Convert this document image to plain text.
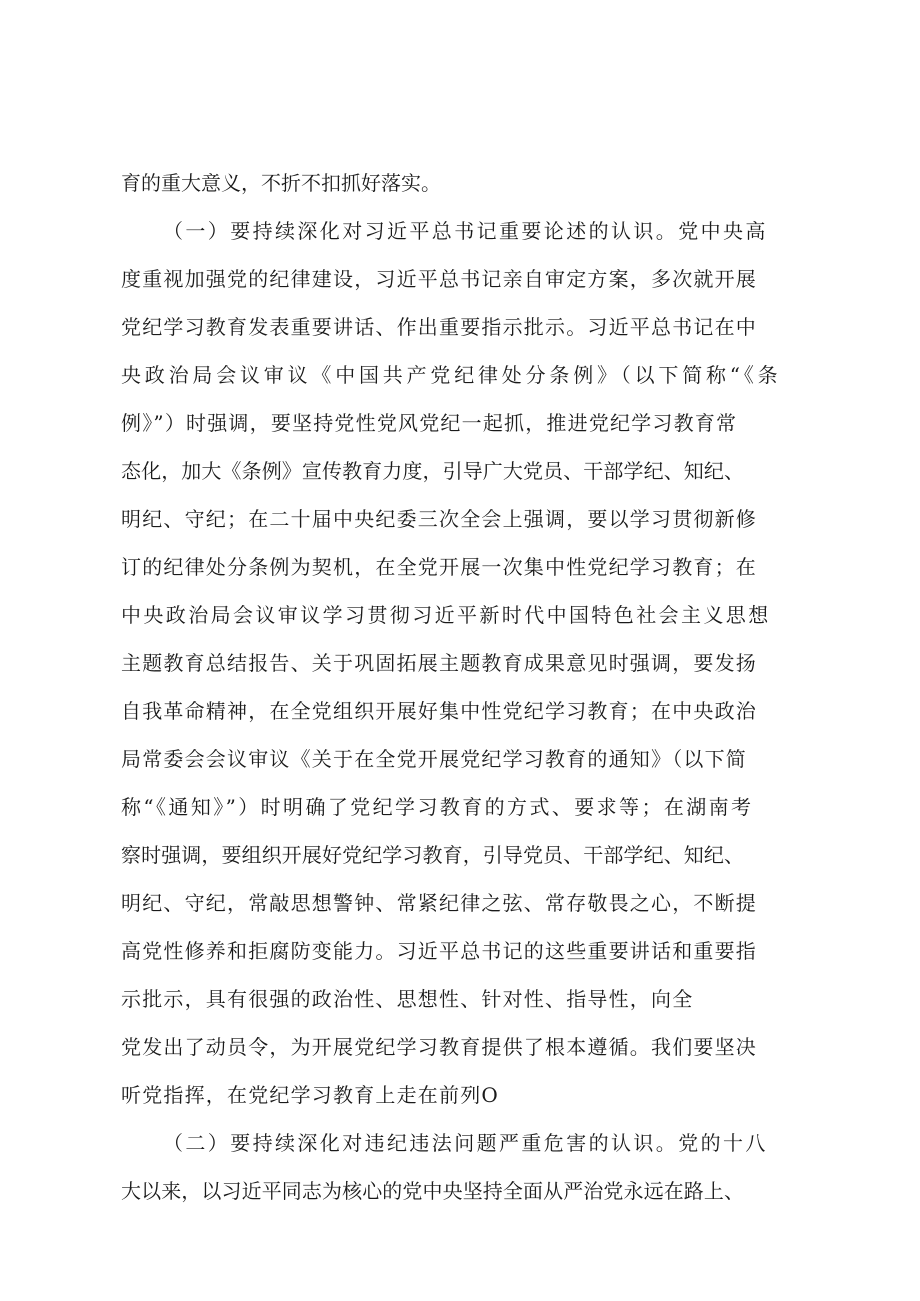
育的重大意义，不折不扣抓好落实。
（一）要持续深化对习近平总书记重要论述的认识。党中央高
度重视加强党的纪律建设，习近平总书记亲自审定方案，多次就开展
党纪学习教育发表重要讲话、作出重要指示批示。习近平总书记在中
央政治局会议审议《中国共产党纪律处分条例》（以下简称“《条
例》”）时强调，要坚持党性党风党纪一起抓，推进党纪学习教育常
态化，加大《条例》宣传教育力度，引导广大党员、干部学纪、知纪、
明纪、守纪；在二十届中央纪委三次全会上强调，要以学习贯彻新修
订的纪律处分条例为契机，在全党开展一次集中性党纪学习教育；在
中央政治局会议审议学习贯彻习近平新时代中国特色社会主义思想
主题教育总结报告、关于巩固拓展主题教育成果意见时强调，要发扬
自我革命精神，在全党组织开展好集中性党纪学习教育；在中央政治
局常委会会议审议《关于在全党开展党纪学习教育的通知》（以下简
称“《通知》”）时明确了党纪学习教育的方式、要求等；在湖南考
察时强调，要组织开展好党纪学习教育，引导党员、干部学纪、知纪、
明纪、守纪，常敲思想警钟、常紧纪律之弦、常存敬畏之心，不断提
高党性修养和拒腐防变能力。习近平总书记的这些重要讲话和重要指
示批示，具有很强的政治性、思想性、针对性、指导性，向全
党发出了动员令，为开展党纪学习教育提供了根本遵循。我们要坚决
听党指挥，在党纪学习教育上走在前列O
（二）要持续深化对违纪违法问题严重危害的认识。党的十八
大以来，以习近平同志为核心的党中央坚持全面从严治党永远在路上、
